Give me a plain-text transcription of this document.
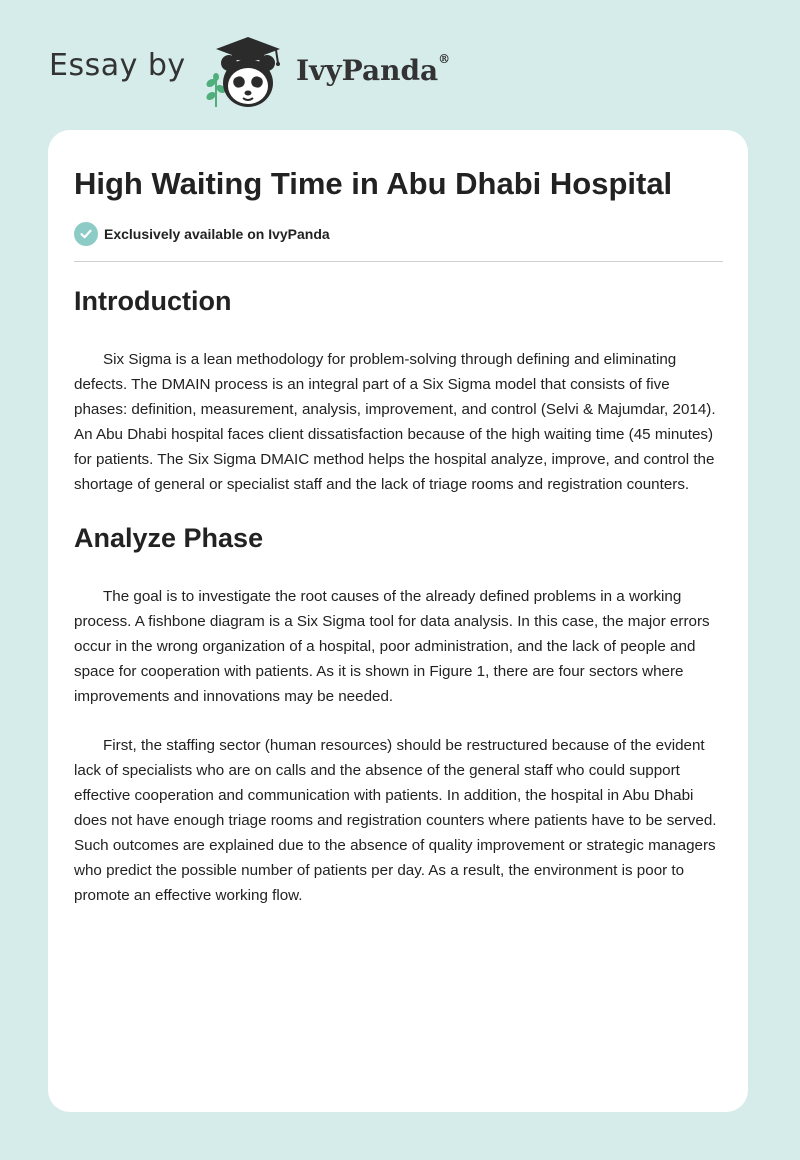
Essay by	IvyPanda®
High Waiting Time in Abu Dhabi Hospital
Exclusively available on IvyPanda
Introduction

Six Sigma is a lean methodology for problem-solving through defining and eliminating defects. The DMAIN process is an integral part of a Six Sigma model that consists of five phases: definition, measurement, analysis, improvement, and control (Selvi & Majumdar, 2014). An Abu Dhabi hospital faces client dissatisfaction because of the high waiting time (45 minutes) for patients. The Six Sigma DMAIC method helps the hospital analyze, improve, and control the shortage of general or specialist staff and the lack of triage rooms and registration counters.

Analyze Phase

The goal is to investigate the root causes of the already defined problems in a working process. A fishbone diagram is a Six Sigma tool for data analysis. In this case, the major errors occur in the wrong organization of a hospital, poor administration, and the lack of people and space for cooperation with patients. As it is shown in Figure 1, there are four sectors where improvements and innovations may be needed.

First, the staffing sector (human resources) should be restructured because of the evident lack of specialists who are on calls and the absence of the general staff who could support effective cooperation and communication with patients. In addition, the hospital in Abu Dhabi does not have enough triage rooms and registration counters where patients have to be served. Such outcomes are explained due to the absence of quality improvement or strategic managers who predict the possible number of patients per day. As a result, the environment is poor to promote an effective working flow.
